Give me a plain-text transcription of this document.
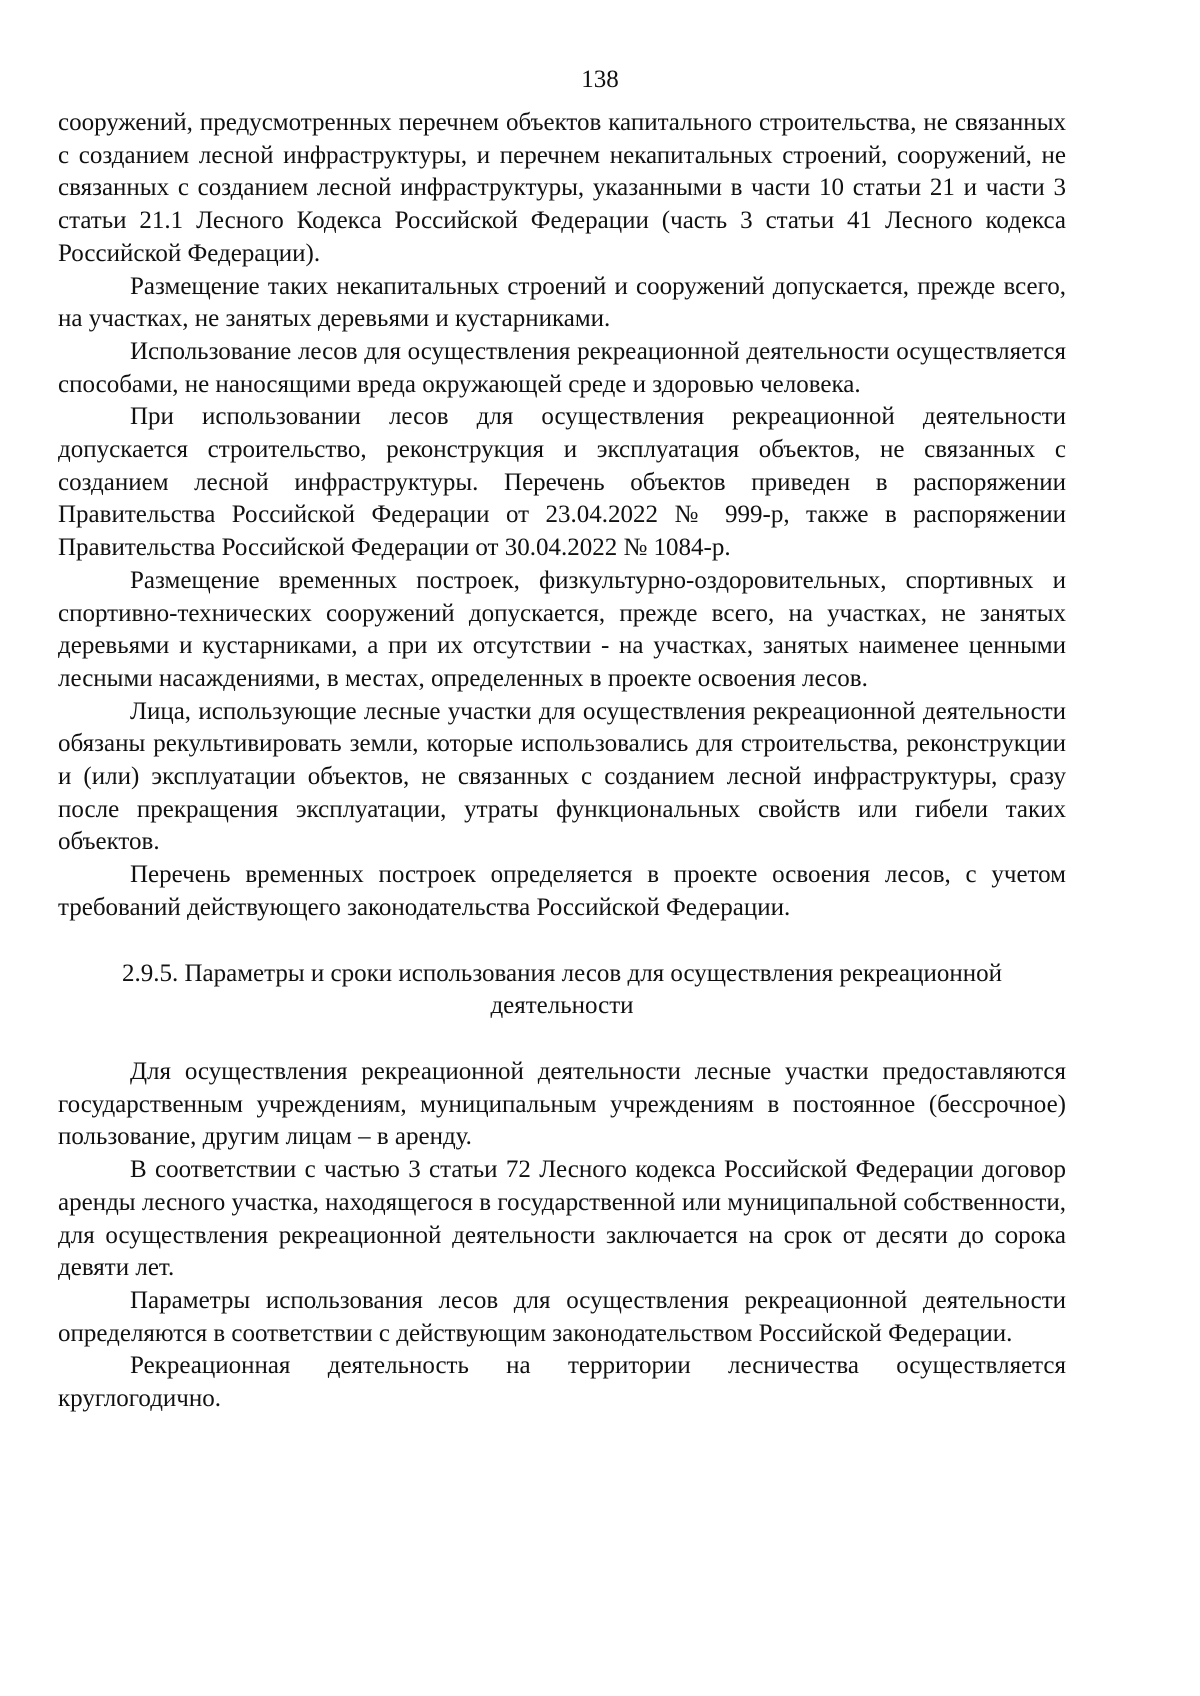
138

сооружений, предусмотренных перечнем объектов капитального строительства, не связанных с созданием лесной инфраструктуры, и перечнем некапитальных строений, сооружений, не связанных с созданием лесной инфраструктуры, указанными в части 10 статьи 21 и части 3 статьи 21.1 Лесного Кодекса Российской Федерации (часть 3 статьи 41 Лесного кодекса Российской Федерации).

Размещение таких некапитальных строений и сооружений допускается, прежде всего, на участках, не занятых деревьями и кустарниками.

Использование лесов для осуществления рекреационной деятельности осуществляется способами, не наносящими вреда окружающей среде и здоровью человека.

При использовании лесов для осуществления рекреационной деятельности допускается строительство, реконструкция и эксплуатация объектов, не связанных с созданием лесной инфраструктуры. Перечень объектов приведен в распоряжении Правительства Российской Федерации от 23.04.2022 № 999-р, также в распоряжении Правительства Российской Федерации от 30.04.2022 № 1084-р.

Размещение временных построек, физкультурно-оздоровительных, спортивных и спортивно-технических сооружений допускается, прежде всего, на участках, не занятых деревьями и кустарниками, а при их отсутствии - на участках, занятых наименее ценными лесными насаждениями, в местах, определенных в проекте освоения лесов.

Лица, использующие лесные участки для осуществления рекреационной деятельности обязаны рекультивировать земли, которые использовались для строительства, реконструкции и (или) эксплуатации объектов, не связанных с созданием лесной инфраструктуры, сразу после прекращения эксплуатации, утраты функциональных свойств или гибели таких объектов.

Перечень временных построек определяется в проекте освоения лесов, с учетом требований действующего законодательства Российской Федерации.

2.9.5. Параметры и сроки использования лесов для осуществления рекреационной деятельности

Для осуществления рекреационной деятельности лесные участки предоставляются государственным учреждениям, муниципальным учреждениям в постоянное (бессрочное) пользование, другим лицам – в аренду.

В соответствии с частью 3 статьи 72 Лесного кодекса Российской Федерации договор аренды лесного участка, находящегося в государственной или муниципальной собственности, для осуществления рекреационной деятельности заключается на срок от десяти до сорока девяти лет.

Параметры использования лесов для осуществления рекреационной деятельности определяются в соответствии с действующим законодательством Российской Федерации.

Рекреационная деятельность на территории лесничества осуществляется круглогодично.
